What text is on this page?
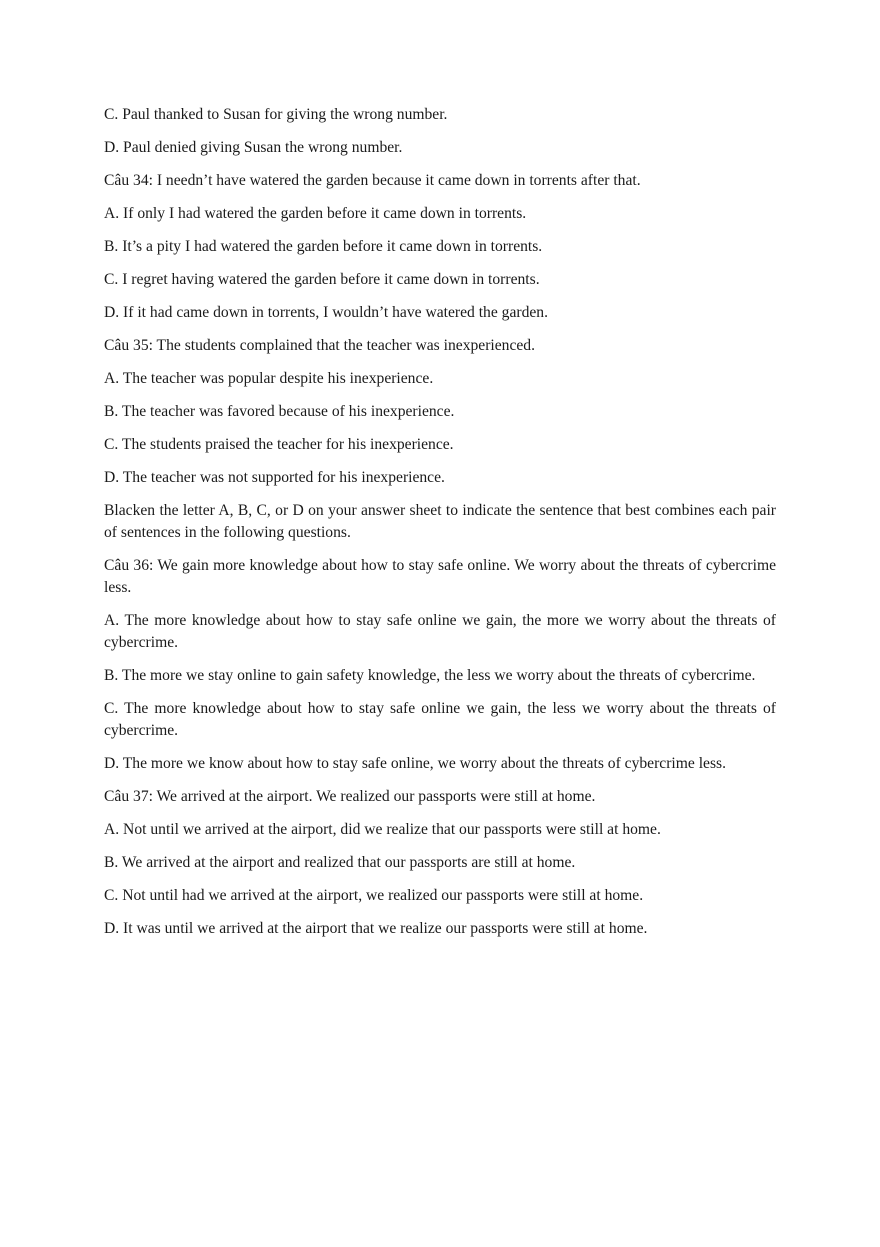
C. Paul thanked to Susan for giving the wrong number.
D. Paul denied giving Susan the wrong number.
Câu 34: I needn’t have watered the garden because it came down in torrents after that.
A. If only I had watered the garden before it came down in torrents.
B. It’s a pity I had watered the garden before it came down in torrents.
C. I regret having watered the garden before it came down in torrents.
D. If it had came down in torrents, I wouldn’t have watered the garden.
Câu 35: The students complained that the teacher was inexperienced.
A. The teacher was popular despite his inexperience.
B. The teacher was favored because of his inexperience.
C. The students praised the teacher for his inexperience.
D. The teacher was not supported for his inexperience.
Blacken the letter A, B, C, or D on your answer sheet to indicate the sentence that best combines each pair of sentences in the following questions.
Câu 36: We gain more knowledge about how to stay safe online. We worry about the threats of cybercrime less.
A. The more knowledge about how to stay safe online we gain, the more we worry about the threats of cybercrime.
B. The more we stay online to gain safety knowledge, the less we worry about the threats of cybercrime.
C. The more knowledge about how to stay safe online we gain, the less we worry about the threats of cybercrime.
D. The more we know about how to stay safe online, we worry about the threats of cybercrime less.
Câu 37: We arrived at the airport. We realized our passports were still at home.
A. Not until we arrived at the airport, did we realize that our passports were still at home.
B. We arrived at the airport and realized that our passports are still at home.
C. Not until had we arrived at the airport, we realized our passports were still at home.
D. It was until we arrived at the airport that we realize our passports were still at home.
